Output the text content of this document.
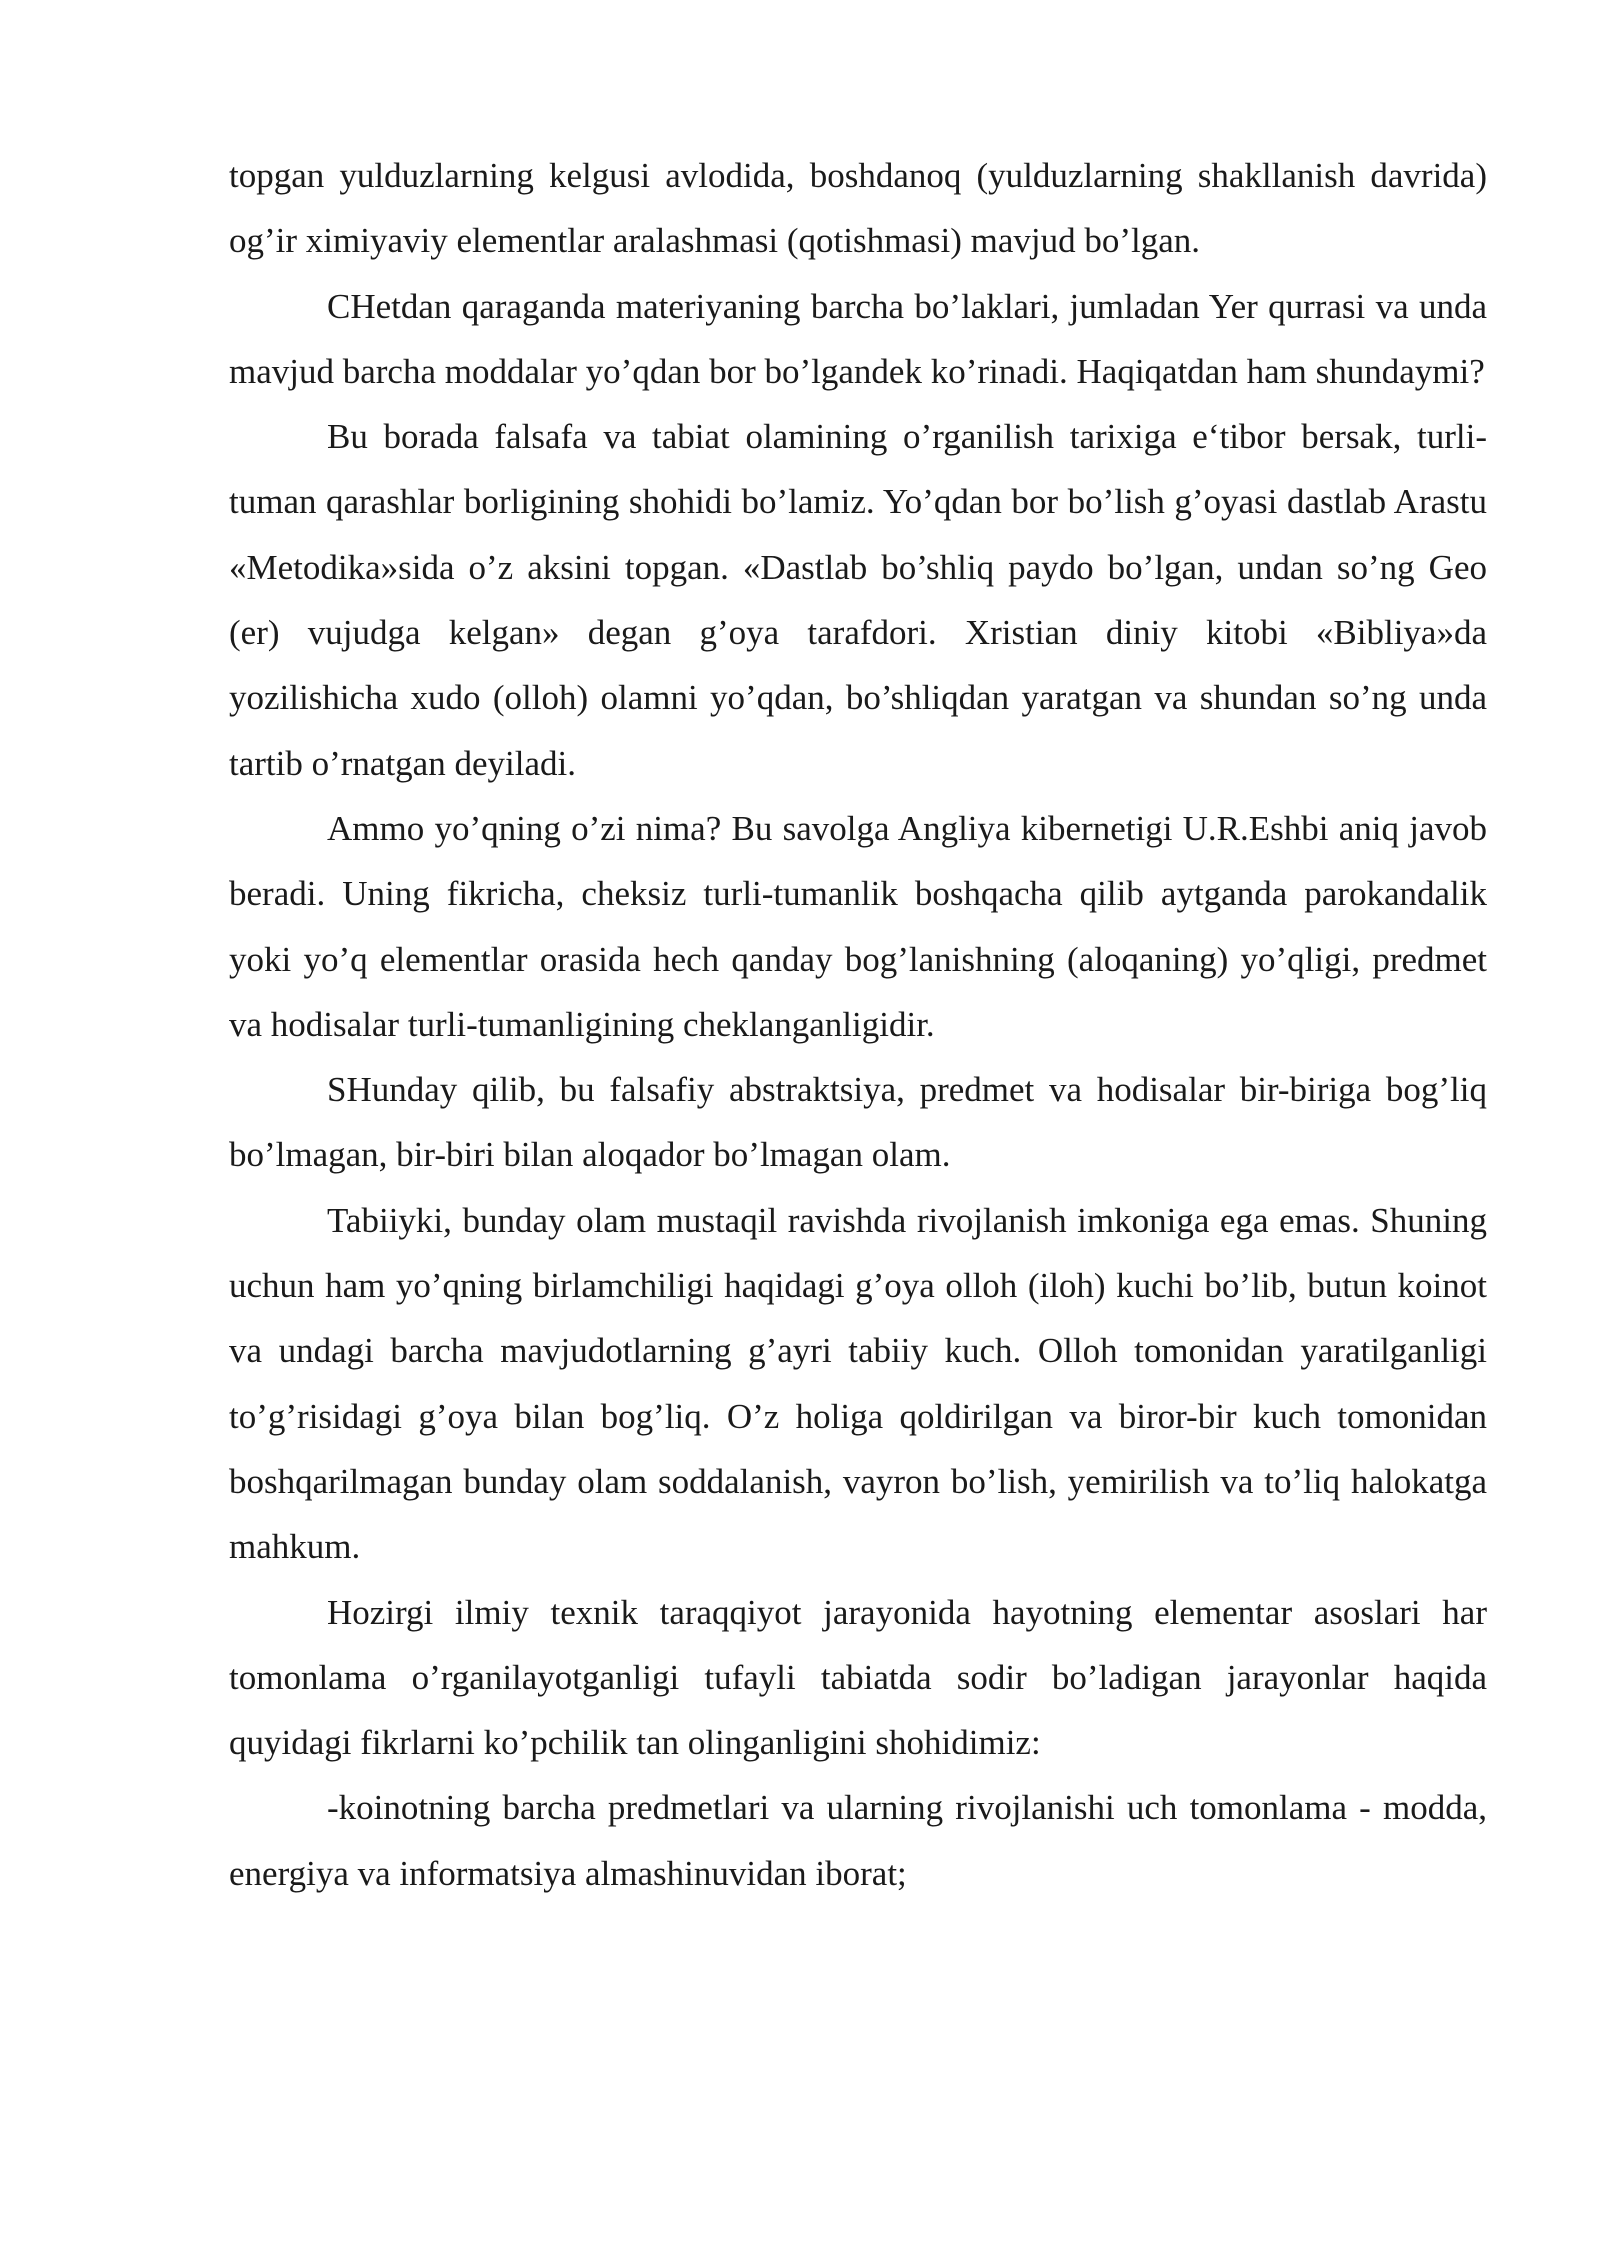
topgan yulduzlarning kelgusi avlodida, boshdanoq (yulduzlarning shakllanish davrida) og’ir ximiyaviy elementlar aralashmasi (qotishmasi) mavjud bo’lgan.

CHetdan qaraganda materiyaning barcha bo’laklari, jumladan Yer qurrasi va unda mavjud barcha moddalar yo’qdan bor bo’lgandek ko’rinadi. Haqiqatdan ham shundaymi?

Bu borada falsafa va tabiat olamining o’rganilish tarixiga e‘tibor bersak, turli-tuman qarashlar borligining shohidi bo’lamiz. Yo’qdan bor bo’lish g’oyasi dastlab Arastu «Metodika»sida o’z aksini topgan. «Dastlab bo’shliq paydo bo’lgan, undan so’ng Geo (er) vujudga kelgan» degan g’oya tarafdori. Xristian diniy kitobi «Bibliya»da yozilishicha xudo (olloh) olamni yo’qdan, bo’shliqdan yaratgan va shundan so’ng unda tartib o’rnatgan deyiladi.

Ammo yo’qning o’zi nima? Bu savolga Angliya kibernetigi U.R.Eshbi aniq javob beradi. Uning fikricha, cheksiz turli-tumanlik boshqacha qilib aytganda parokandalik yoki yo’q elementlar orasida hech qanday bog’lanishning (aloqaning) yo’qligi, predmet va hodisalar turli-tumanligining cheklanganligidir.

SHunday qilib, bu falsafiy abstraktsiya, predmet va hodisalar bir-biriga bog’liq bo’lmagan, bir-biri bilan aloqador bo’lmagan olam.

Tabiiyki, bunday olam mustaqil ravishda rivojlanish imkoniga ega emas. Shuning uchun ham yo’qning birlamchiligi haqidagi g’oya olloh (iloh) kuchi bo’lib, butun koinot va undagi barcha mavjudotlarning g’ayri tabiiy kuch. Olloh tomonidan yaratilganligi to’g’risidagi g’oya bilan bog’liq. O’z holiga qoldirilgan va biror-bir kuch tomonidan boshqarilmagan bunday olam soddalanish, vayron bo’lish, yemirilish va to’liq halokatga mahkum.

Hozirgi ilmiy texnik taraqqiyot jarayonida hayotning elementar asoslari har tomonlama o’rganilayotganligi tufayli tabiatda sodir bo’ladigan jarayonlar haqida quyidagi fikrlarni ko’pchilik tan olinganligini shohidimiz:

-koinotning barcha predmetlari va ularning rivojlanishi uch tomonlama - modda, energiya va informatsiya almashinuvidan iborat;
